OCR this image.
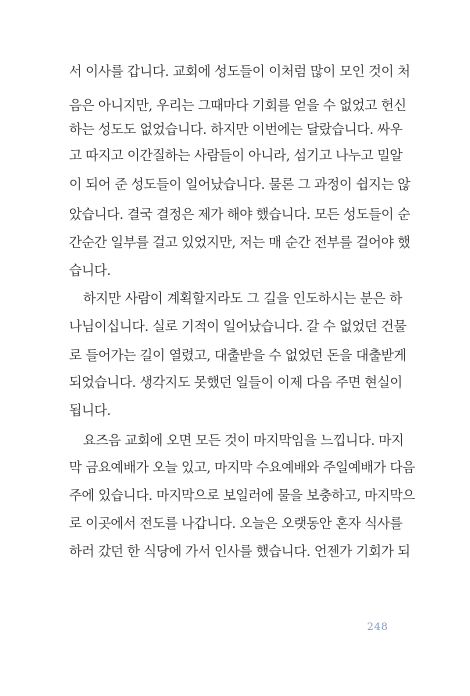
서 이사를 갑니다. 교회에 성도들이 이처럼 많이 모인 것이 처
음은 아니지만, 우리는 그때마다 기회를 얻을 수 없었고 헌신
하는 성도도 없었습니다. 하지만 이번에는 달랐습니다. 싸우
고 따지고 이간질하는 사람들이 아니라, 섬기고 나누고 밀알
이 되어 준 성도들이 일어났습니다. 물론 그 과정이 쉽지는 않
았습니다. 결국 결정은 제가 해야 했습니다. 모든 성도들이 순
간순간 일부를 걸고 있었지만, 저는 매 순간 전부를 걸어야 했
습니다.
하지만 사람이 계획할지라도 그 길을 인도하시는 분은 하
나님이십니다. 실로 기적이 일어났습니다. 갈 수 없었던 건물
로 들어가는 길이 열렸고, 대출받을 수 없었던 돈을 대출받게
되었습니다. 생각지도 못했던 일들이 이제 다음 주면 현실이
됩니다.
요즈음 교회에 오면 모든 것이 마지막임을 느낍니다. 마지
막 금요예배가 오늘 있고, 마지막 수요예배와 주일예배가 다음
주에 있습니다. 마지막으로 보일러에 물을 보충하고, 마지막으
로 이곳에서 전도를 나갑니다. 오늘은 오랫동안 혼자 식사를
하러 갔던 한 식당에 가서 인사를 했습니다. 언젠가 기회가 되
248
